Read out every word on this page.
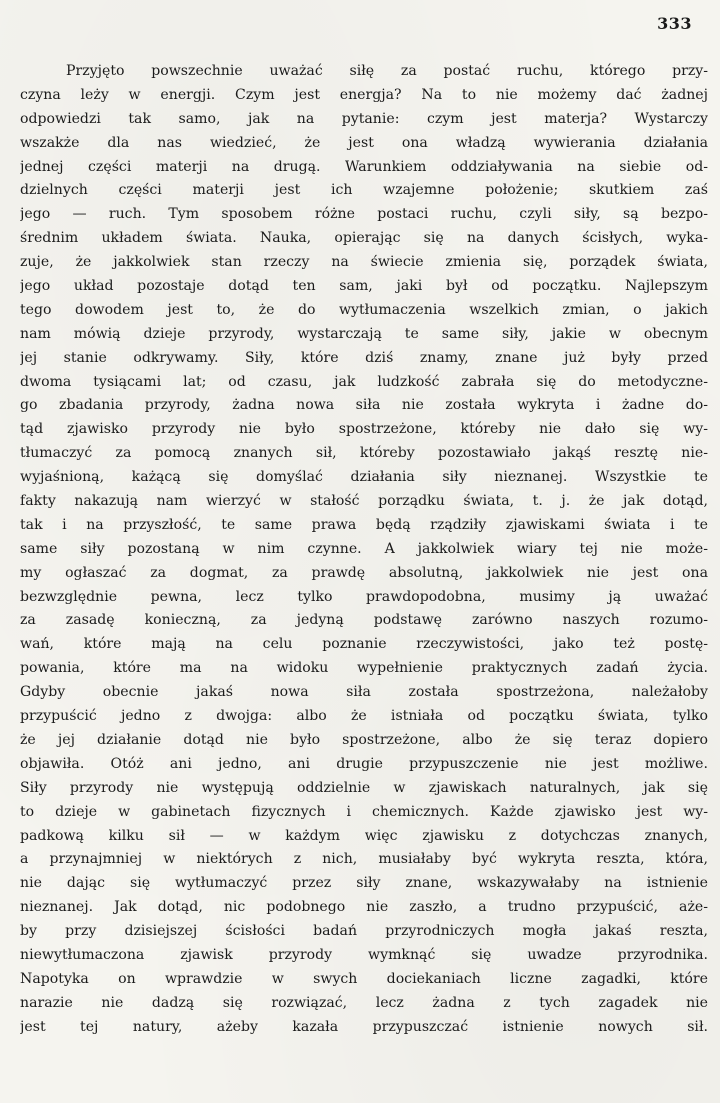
333
Przyjęto powszechnie uważać siłę za postać ruchu, którego przy-
czyna leży w energji. Czym jest energja? Na to nie możemy dać żadnej
odpowiedzi tak samo, jak na pytanie: czym jest materja? Wystarczy
wszakże dla nas wiedzieć, że jest ona władzą wywierania działania
jednej części materji na drugą. Warunkiem oddziaływania na siebie od-
dzielnych części materji jest ich wzajemne położenie; skutkiem zaś
jego — ruch. Tym sposobem różne postaci ruchu, czyli siły, są bezpo-
średnim układem świata. Nauka, opierając się na danych ścisłych, wyka-
zuje, że jakkolwiek stan rzeczy na świecie zmienia się, porządek świata,
jego układ pozostaje dotąd ten sam, jaki był od początku. Najlepszym
tego dowodem jest to, że do wytłumaczenia wszelkich zmian, o jakich
nam mówią dzieje przyrody, wystarczają te same siły, jakie w obecnym
jej stanie odkrywamy. Siły, które dziś znamy, znane już były przed
dwoma tysiącami lat; od czasu, jak ludzkość zabrała się do metodyczne-
go zbadania przyrody, żadna nowa siła nie została wykryta i żadne do-
tąd zjawisko przyrody nie było spostrzeżone, któreby nie dało się wy-
tłumaczyć za pomocą znanych sił, któreby pozostawiało jakąś resztę nie-
wyjaśnioną, każącą się domyślać działania siły nieznanej. Wszystkie te
fakty nakazują nam wierzyć w stałość porządku świata, t. j. że jak dotąd,
tak i na przyszłość, te same prawa będą rządziły zjawiskami świata i te
same siły pozostaną w nim czynne. A jakkolwiek wiary tej nie może-
my ogłaszać za dogmat, za prawdę absolutną, jakkolwiek nie jest ona
bezwzględnie pewna, lecz tylko prawdopodobna, musimy ją uważać
za zasadę konieczną, za jedyną podstawę zarówno naszych rozumo-
wań, które mają na celu poznanie rzeczywistości, jako też postę-
powania, które ma na widoku wypełnienie praktycznych zadań życia.
Gdyby obecnie jakaś nowa siła została spostrzeżona, należałoby
przypuścić jedno z dwojga: albo że istniała od początku świata, tylko
że jej działanie dotąd nie było spostrzeżone, albo że się teraz dopiero
objawiła. Otóż ani jedno, ani drugie przypuszczenie nie jest możliwe.
Siły przyrody nie występują oddzielnie w zjawiskach naturalnych, jak się
to dzieje w gabinetach fizycznych i chemicznych. Każde zjawisko jest wy-
padkową kilku sił — w każdym więc zjawisku z dotychczas znanych,
a przynajmniej w niektórych z nich, musiałaby być wykryta reszta, która,
nie dając się wytłumaczyć przez siły znane, wskazywałaby na istnienie
nieznanej. Jak dotąd, nic podobnego nie zaszło, a trudno przypuścić, aże-
by przy dzisiejszej ścisłości badań przyrodniczych mogła jakaś reszta,
niewytłumaczona zjawisk przyrody wymknąć się uwadze przyrodnika.
Napotyka on wprawdzie w swych dociekaniach liczne zagadki, które
narazie nie dadzą się rozwiązać, lecz żadna z tych zagadek nie
jest tej natury, ażeby kazała przypuszczać istnienie nowych sił.
